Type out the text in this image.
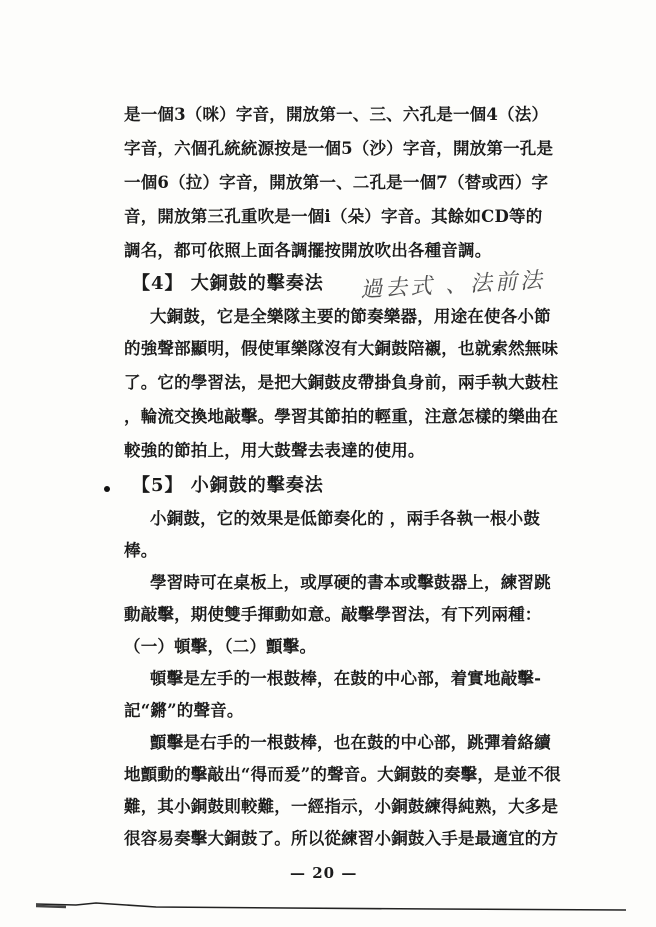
是一個3（咪）字音，開放第一、三、六孔是一個4（法）
字音，六個孔統統源按是一個5（沙）字音，開放第一孔是
一個6（拉）字音，開放第一、二孔是一個7（替或西）字
音，開放第三孔重吹是一個i（朵）字音。其餘如CD等的
調名，都可依照上面各調擺按開放吹出各種音調。
【4】 大銅鼓的擊奏法 過去式 、法前法
大銅鼓，它是全樂隊主要的節奏樂器，用途在使各小節
的強聲部顯明，假使軍樂隊沒有大銅鼓陪襯，也就索然無味
了。它的學習法，是把大銅鼓皮帶掛負身前，兩手執大鼓柱
，輪流交換地敲擊。學習其節拍的輕重，注意怎樣的樂曲在
較強的節拍上，用大鼓聲去表達的使用。
【5】 小銅鼓的擊奏法
小銅鼓，它的效果是低節奏化的 ，兩手各執一根小鼓
棒。
學習時可在桌板上，或厚硬的書本或擊鼓器上，練習跳
動敲擊，期使雙手揮動如意。敲擊學習法，有下列兩種：
（一）頓擊，（二）顫擊。
頓擊是左手的一根鼓棒，在鼓的中心部，着實地敲擊-
記“鏘”的聲音。
顫擊是右手的一根鼓棒，也在鼓的中心部，跳彈着絡續
地顫動的擊敲出“得而爰”的聲音。大銅鼓的奏擊，是並不很
難，其小銅鼓則較難，一經指示，小銅鼓練得純熟，大多是
很容易奏擊大銅鼓了。所以從練習小銅鼓入手是最適宜的方
— 20 —
